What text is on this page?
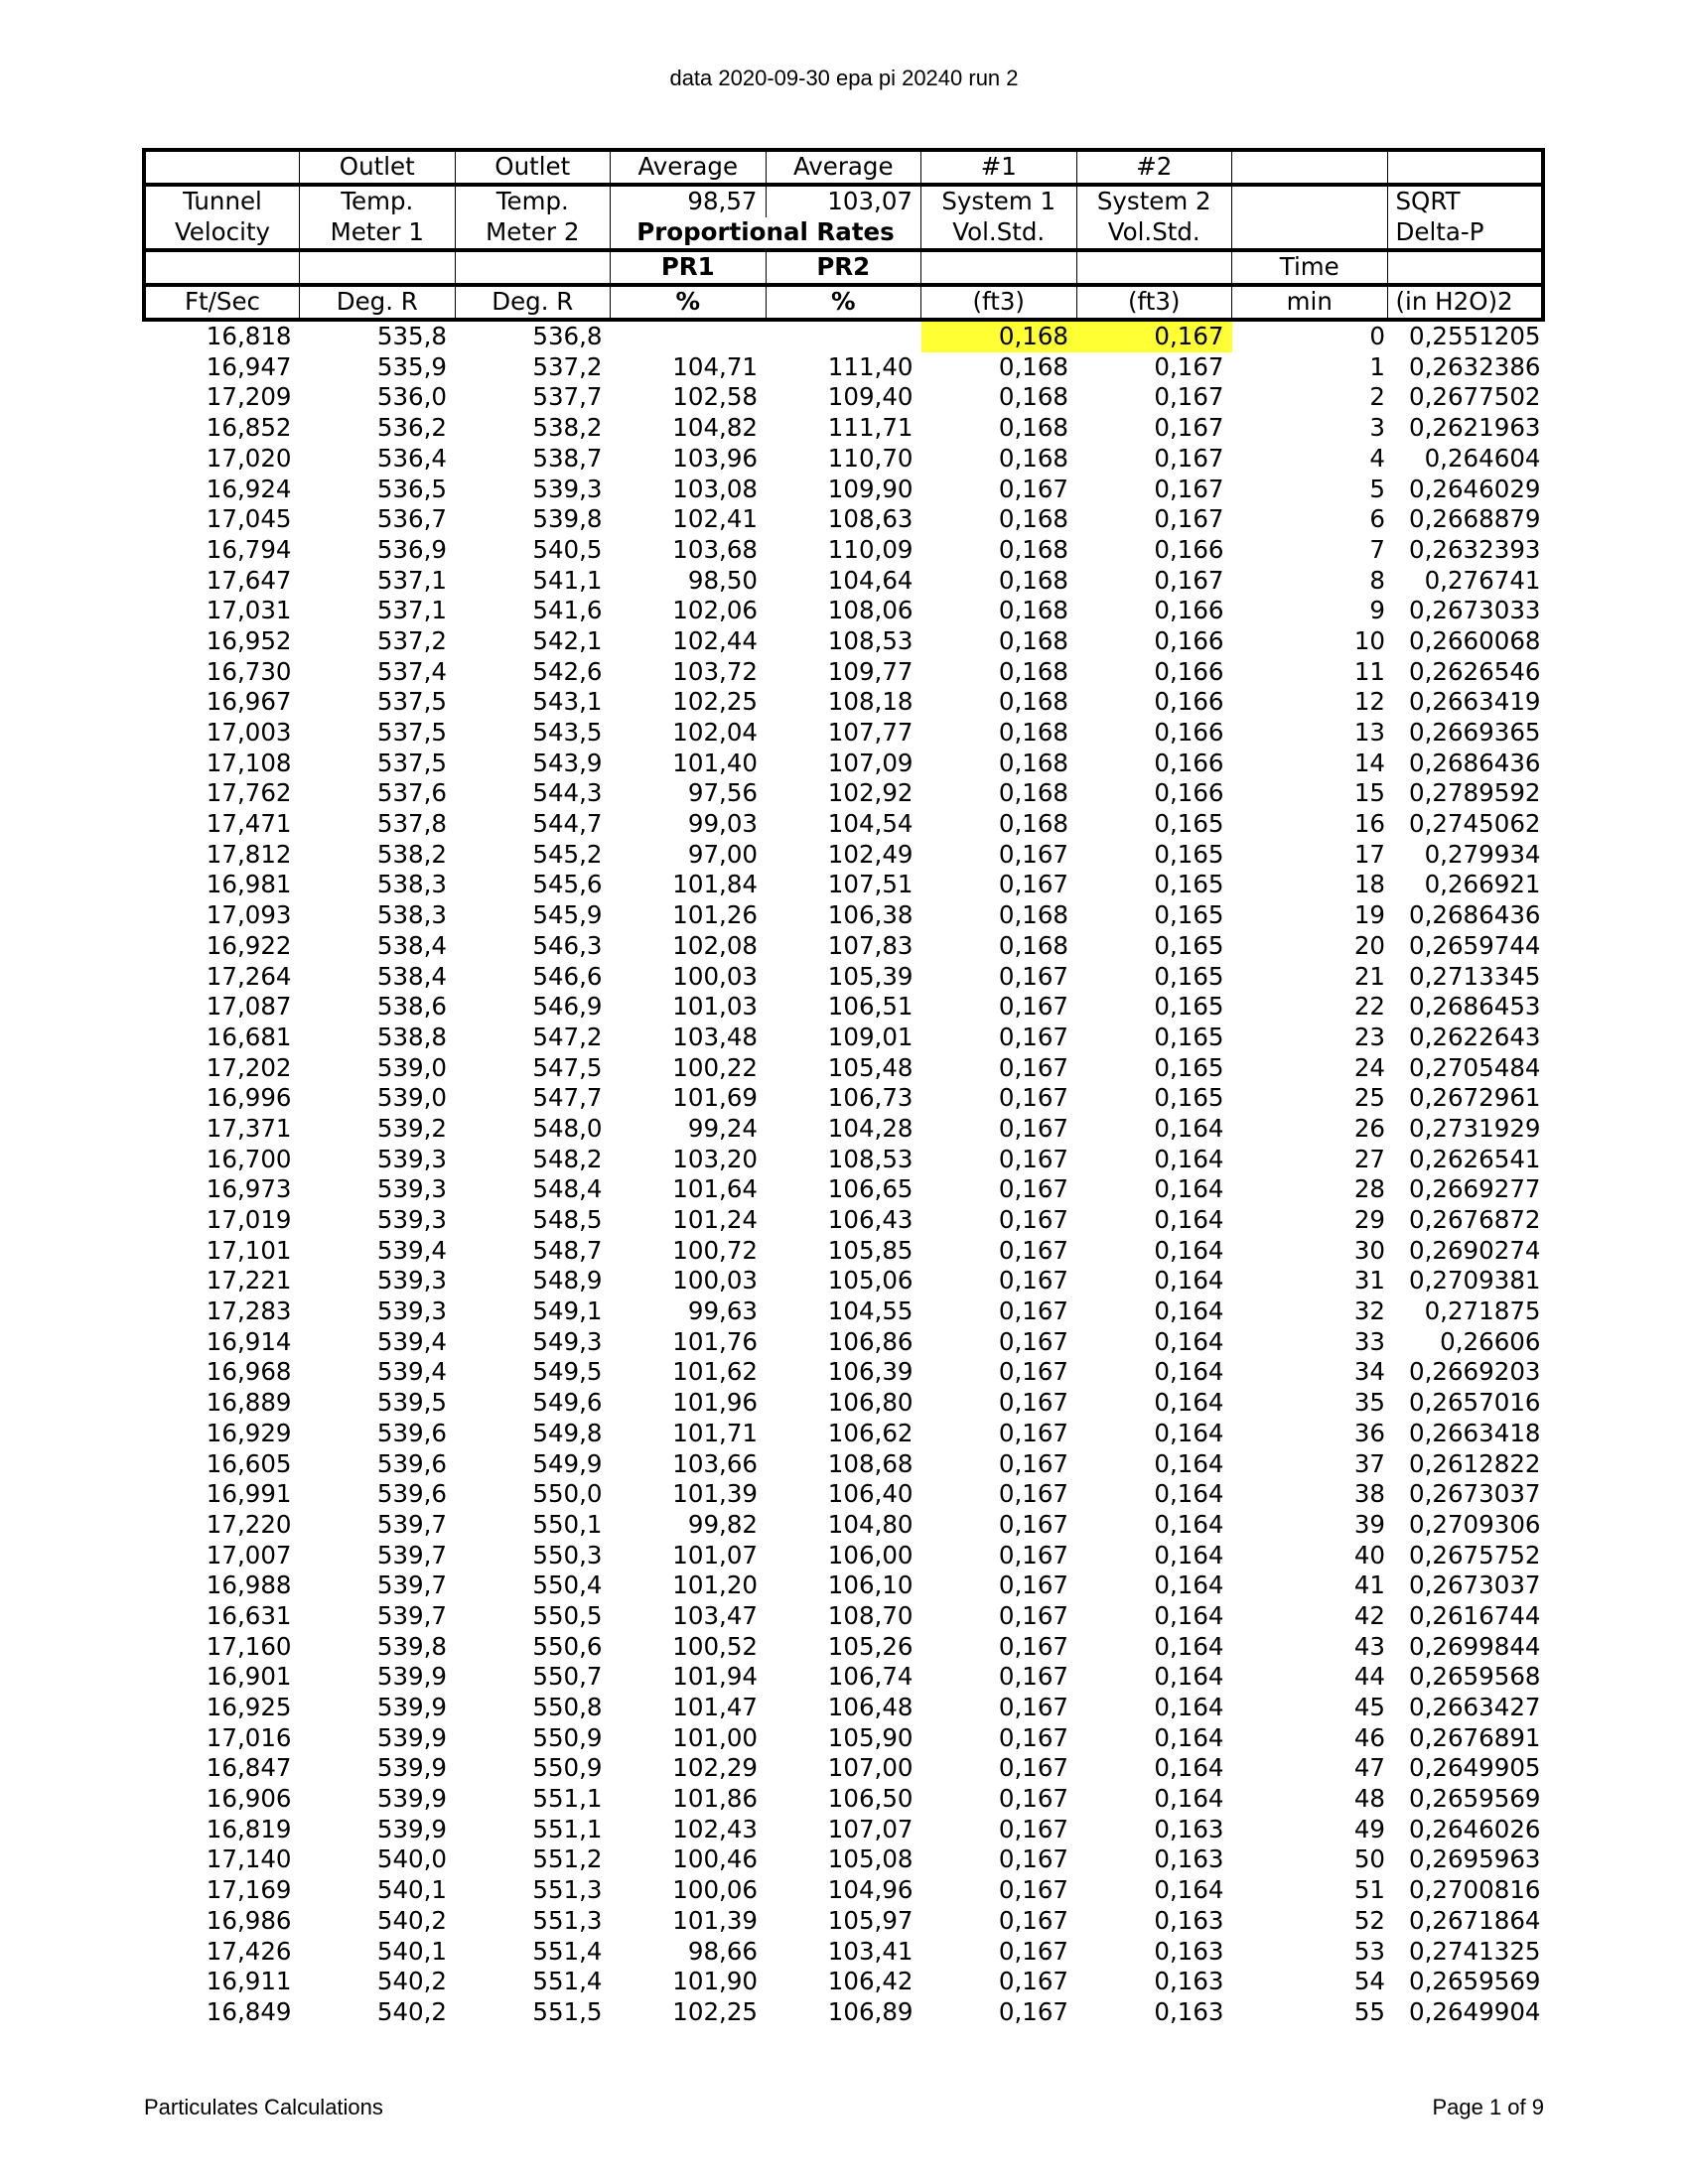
data 2020-09-30 epa pi 20240 run 2
	Outlet	Outlet	Average	Average	#1	#2		
Tunnel	Temp.	Temp.	98,57	103,07	System 1	System 2		SQRT
Velocity	Meter 1	Meter 2	Proportional Rates		Vol.Std.	Vol.Std.		Delta-P
			PR1	PR2			Time	
Ft/Sec	Deg. R	Deg. R	%	%	(ft3)	(ft3)	min	(in H2O)2
16,818	535,8	536,8			0,168	0,167	0	0,2551205
16,947	535,9	537,2	104,71	111,40	0,168	0,167	1	0,2632386
17,209	536,0	537,7	102,58	109,40	0,168	0,167	2	0,2677502
16,852	536,2	538,2	104,82	111,71	0,168	0,167	3	0,2621963
17,020	536,4	538,7	103,96	110,70	0,168	0,167	4	0,264604
16,924	536,5	539,3	103,08	109,90	0,167	0,167	5	0,2646029
17,045	536,7	539,8	102,41	108,63	0,168	0,167	6	0,2668879
16,794	536,9	540,5	103,68	110,09	0,168	0,166	7	0,2632393
17,647	537,1	541,1	98,50	104,64	0,168	0,167	8	0,276741
17,031	537,1	541,6	102,06	108,06	0,168	0,166	9	0,2673033
16,952	537,2	542,1	102,44	108,53	0,168	0,166	10	0,2660068
16,730	537,4	542,6	103,72	109,77	0,168	0,166	11	0,2626546
16,967	537,5	543,1	102,25	108,18	0,168	0,166	12	0,2663419
17,003	537,5	543,5	102,04	107,77	0,168	0,166	13	0,2669365
17,108	537,5	543,9	101,40	107,09	0,168	0,166	14	0,2686436
17,762	537,6	544,3	97,56	102,92	0,168	0,166	15	0,2789592
17,471	537,8	544,7	99,03	104,54	0,168	0,165	16	0,2745062
17,812	538,2	545,2	97,00	102,49	0,167	0,165	17	0,279934
16,981	538,3	545,6	101,84	107,51	0,167	0,165	18	0,266921
17,093	538,3	545,9	101,26	106,38	0,168	0,165	19	0,2686436
16,922	538,4	546,3	102,08	107,83	0,168	0,165	20	0,2659744
17,264	538,4	546,6	100,03	105,39	0,167	0,165	21	0,2713345
17,087	538,6	546,9	101,03	106,51	0,167	0,165	22	0,2686453
16,681	538,8	547,2	103,48	109,01	0,167	0,165	23	0,2622643
17,202	539,0	547,5	100,22	105,48	0,167	0,165	24	0,2705484
16,996	539,0	547,7	101,69	106,73	0,167	0,165	25	0,2672961
17,371	539,2	548,0	99,24	104,28	0,167	0,164	26	0,2731929
16,700	539,3	548,2	103,20	108,53	0,167	0,164	27	0,2626541
16,973	539,3	548,4	101,64	106,65	0,167	0,164	28	0,2669277
17,019	539,3	548,5	101,24	106,43	0,167	0,164	29	0,2676872
17,101	539,4	548,7	100,72	105,85	0,167	0,164	30	0,2690274
17,221	539,3	548,9	100,03	105,06	0,167	0,164	31	0,2709381
17,283	539,3	549,1	99,63	104,55	0,167	0,164	32	0,271875
16,914	539,4	549,3	101,76	106,86	0,167	0,164	33	0,26606
16,968	539,4	549,5	101,62	106,39	0,167	0,164	34	0,2669203
16,889	539,5	549,6	101,96	106,80	0,167	0,164	35	0,2657016
16,929	539,6	549,8	101,71	106,62	0,167	0,164	36	0,2663418
16,605	539,6	549,9	103,66	108,68	0,167	0,164	37	0,2612822
16,991	539,6	550,0	101,39	106,40	0,167	0,164	38	0,2673037
17,220	539,7	550,1	99,82	104,80	0,167	0,164	39	0,2709306
17,007	539,7	550,3	101,07	106,00	0,167	0,164	40	0,2675752
16,988	539,7	550,4	101,20	106,10	0,167	0,164	41	0,2673037
16,631	539,7	550,5	103,47	108,70	0,167	0,164	42	0,2616744
17,160	539,8	550,6	100,52	105,26	0,167	0,164	43	0,2699844
16,901	539,9	550,7	101,94	106,74	0,167	0,164	44	0,2659568
16,925	539,9	550,8	101,47	106,48	0,167	0,164	45	0,2663427
17,016	539,9	550,9	101,00	105,90	0,167	0,164	46	0,2676891
16,847	539,9	550,9	102,29	107,00	0,167	0,164	47	0,2649905
16,906	539,9	551,1	101,86	106,50	0,167	0,164	48	0,2659569
16,819	539,9	551,1	102,43	107,07	0,167	0,163	49	0,2646026
17,140	540,0	551,2	100,46	105,08	0,167	0,163	50	0,2695963
17,169	540,1	551,3	100,06	104,96	0,167	0,164	51	0,2700816
16,986	540,2	551,3	101,39	105,97	0,167	0,163	52	0,2671864
17,426	540,1	551,4	98,66	103,41	0,167	0,163	53	0,2741325
16,911	540,2	551,4	101,90	106,42	0,167	0,163	54	0,2659569
16,849	540,2	551,5	102,25	106,89	0,167	0,163	55	0,2649904
Particulates Calculations	Page 1 of 9
